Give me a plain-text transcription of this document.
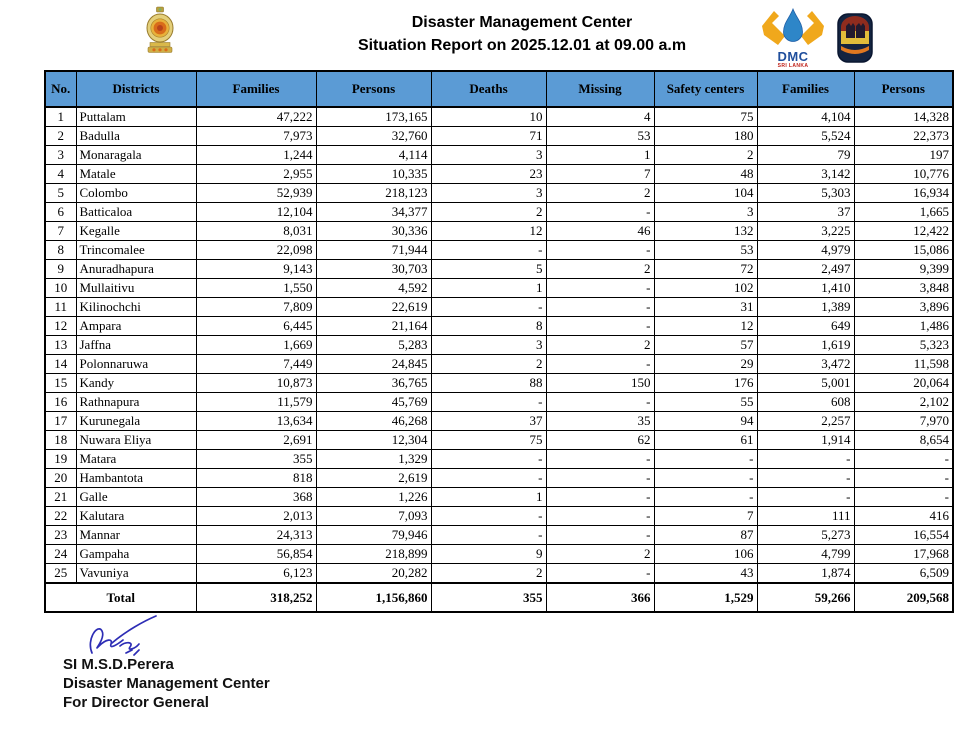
Disaster Management Center
Situation Report on 2025.12.01 at 09.00 a.m
DMC
SRI LANKA
No.	Districts	Families	Persons	Deaths	Missing	Safety centers	Families	Persons
1	Puttalam	47,222	173,165	10	4	75	4,104	14,328
2	Badulla	7,973	32,760	71	53	180	5,524	22,373
3	Monaragala	1,244	4,114	3	1	2	79	197
4	Matale	2,955	10,335	23	7	48	3,142	10,776
5	Colombo	52,939	218,123	3	2	104	5,303	16,934
6	Batticaloa	12,104	34,377	2	-	3	37	1,665
7	Kegalle	8,031	30,336	12	46	132	3,225	12,422
8	Trincomalee	22,098	71,944	-	-	53	4,979	15,086
9	Anuradhapura	9,143	30,703	5	2	72	2,497	9,399
10	Mullaitivu	1,550	4,592	1	-	102	1,410	3,848
11	Kilinochchi	7,809	22,619	-	-	31	1,389	3,896
12	Ampara	6,445	21,164	8	-	12	649	1,486
13	Jaffna	1,669	5,283	3	2	57	1,619	5,323
14	Polonnaruwa	7,449	24,845	2	-	29	3,472	11,598
15	Kandy	10,873	36,765	88	150	176	5,001	20,064
16	Rathnapura	11,579	45,769	-	-	55	608	2,102
17	Kurunegala	13,634	46,268	37	35	94	2,257	7,970
18	Nuwara Eliya	2,691	12,304	75	62	61	1,914	8,654
19	Matara	355	1,329	-	-	-	-	-
20	Hambantota	818	2,619	-	-	-	-	-
21	Galle	368	1,226	1	-	-	-	-
22	Kalutara	2,013	7,093	-	-	7	111	416
23	Mannar	24,313	79,946	-	-	87	5,273	16,554
24	Gampaha	56,854	218,899	9	2	106	4,799	17,968
25	Vavuniya	6,123	20,282	2	-	43	1,874	6,509
Total		318,252	1,156,860	355	366	1,529	59,266	209,568
SI M.S.D.Perera
Disaster Management Center
For Director General
